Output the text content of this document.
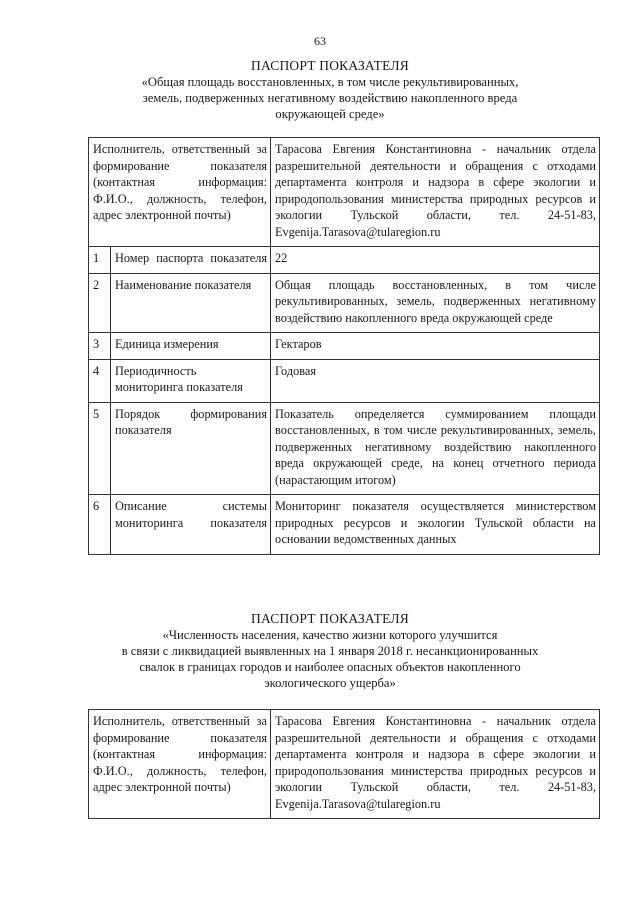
63
ПАСПОРТ ПОКАЗАТЕЛЯ
«Общая площадь восстановленных, в том числе рекультивированных,
земель, подверженных негативному воздействию накопленного вреда
окружающей среде»
Исполнитель, ответственный за формирование показателя (контактная информация: Ф.И.О., должность, телефон, адрес электронной почты)		Тарасова Евгения Константиновна - начальник отдела разрешительной деятельности и обращения с отходами департамента контроля и надзора в сфере экологии и природопользования министерства природных ресурсов и экологии Тульской области, тел. 24-51-83, Evgenija.Tarasova@tularegion.ru
1	Номер паспорта показателя	22
2	Наименование показателя	Общая площадь восстановленных, в том числе рекультивированных, земель, подверженных негативному воздействию накопленного вреда окружающей среде
3	Единица измерения	Гектаров
4	Периодичность мониторинга показателя	Годовая
5	Порядок формирования показателя	Показатель определяется суммированием площади восстановленных, в том числе рекультивированных, земель, подверженных негативному воздействию накопленного вреда окружающей среде, на конец отчетного периода (нарастающим итогом)
6	Описание системы мониторинга показателя	Мониторинг показателя осуществляется министерством природных ресурсов и экологии Тульской области на основании ведомственных данных
ПАСПОРТ ПОКАЗАТЕЛЯ
«Численность населения, качество жизни которого улучшится
в связи с ликвидацией выявленных на 1 января 2018 г. несанкционированных
свалок в границах городов и наиболее опасных объектов накопленного
экологического ущерба»
Исполнитель, ответственный за формирование показателя (контактная информация: Ф.И.О., должность, телефон, адрес электронной почты)	Тарасова Евгения Константиновна - начальник отдела разрешительной деятельности и обращения с отходами департамента контроля и надзора в сфере экологии и природопользования министерства природных ресурсов и экологии Тульской области, тел. 24-51-83, Evgenija.Tarasova@tularegion.ru
